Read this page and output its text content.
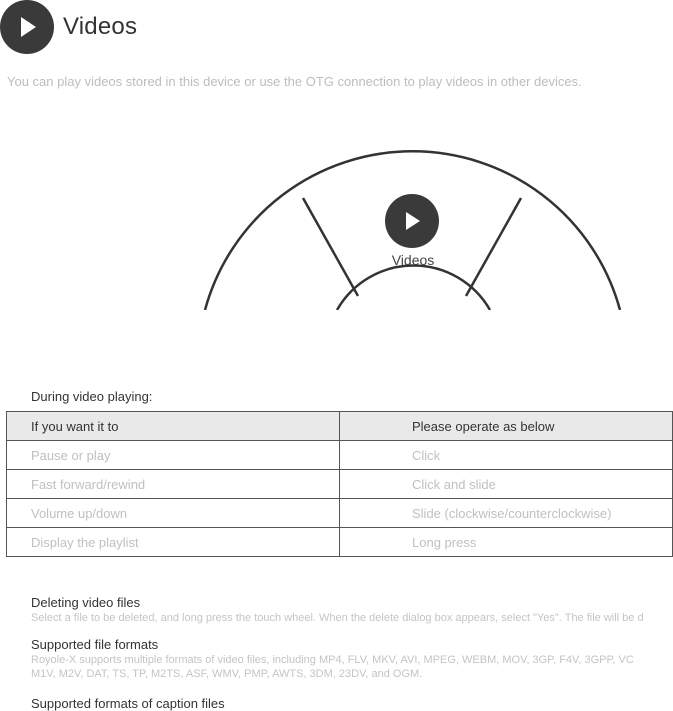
Videos
You can play videos stored in this device or use the OTG connection to play videos in other devices.
Videos
During video playing:
If you want it to	Please operate as below
Pause or play	Click
Fast forward/rewind	Click and slide
Volume up/down	Slide (clockwise/counterclockwise)
Display the playlist	Long press
Deleting video files
Select a file to be deleted, and long press the touch wheel. When the delete dialog box appears, select "Yes". The file will be d
Supported file formats
Royole-X supports multiple formats of video files, including MP4, FLV, MKV, AVI, MPEG, WEBM, MOV, 3GP, F4V, 3GPP, VC
M1V, M2V, DAT, TS, TP, M2TS, ASF, WMV, PMP, AWTS, 3DM, 23DV, and OGM.
Supported formats of caption files
